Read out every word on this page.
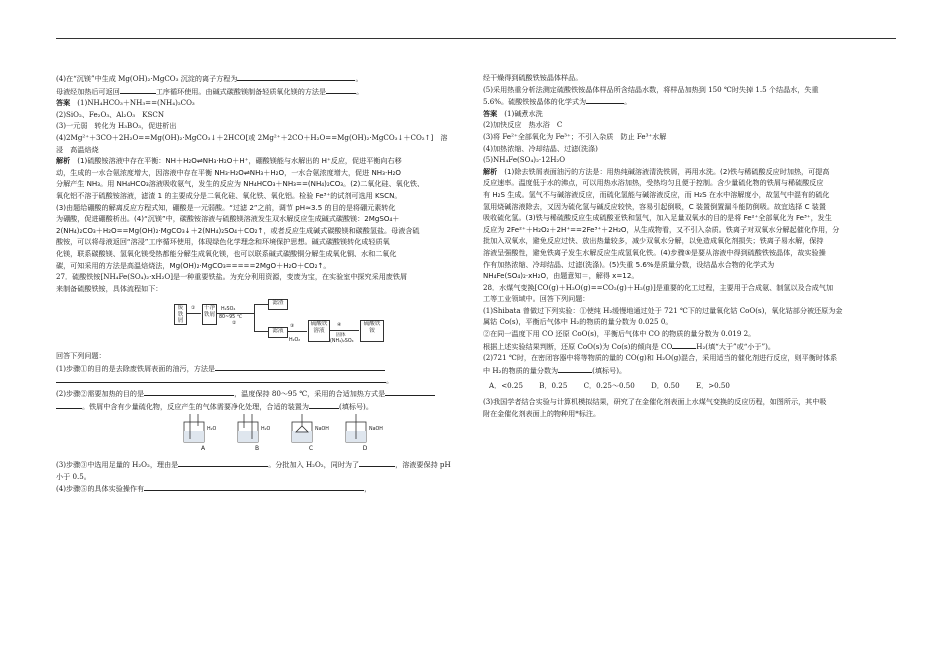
(4)在“沉镁”中生成 Mg(OH)₂·MgCO₃ 沉淀的离子方程为	。

母液经加热后可返回	工序循环使用。由碱式碳酸镁制备轻质氧化镁的方法是	。

答案　 (1)NH₄HCO₃＋NH₃==(NH₄)₂CO₃

(2)SiO₂、Fe₂O₃、Al₂O₃　KSCN

(3)一元弱　转化为 H₃BO₃，促进析出

(4)2Mg²⁺＋3CO＋2H₂O==Mg(OH)₂·MgCO₃↓＋2HCO[或 2Mg²⁺＋2CO＋H₂O==Mg(OH)₂·MgCO₃↓＋CO₂↑]　溶

浸　高温焙烧

解析　 (1)硫酸铵溶液中存在平衡：NH＋H₂O⇌NH₃·H₂O＋H⁺，硼酸镁能与水解出的 H⁺反应，促进平衡向右移

动，生成的一水合氨浓度增大，因溶液中存在平衡 NH₃·H₂O⇌NH₃＋H₂O，一水合氨浓度增大，促进 NH₃·H₂O

分解产生 NH₃。用 NH₄HCO₃溶液吸收氨气，发生的反应为 NH₄HCO₃＋NH₃==(NH₄)₂CO₃。(2)二氧化硅、氧化铁、

氧化铝不溶于硫酸铵溶液，滤渣 1 的主要成分是二氧化硅、氧化铁、氧化铝。检验 Fe³⁺的试剂可选用 KSCN。

(3)由题给硼酸的解离反应方程式知，硼酸是一元弱酸。“过滤 2”之前，调节 pH≈3.5 的目的是将硼元素转化

为硼酸，促进硼酸析出。(4)“沉镁”中，碳酸铵溶液与硫酸镁溶液发生双水解反应生成碱式碳酸镁：2MgSO₄＋

2(NH₄)₂CO₃＋H₂O==Mg(OH)₂·MgCO₃↓＋2(NH₄)₂SO₄＋CO₂↑，或者反应生成碱式碳酸镁和碳酸氢盐。母液含硫

酸铵，可以将母液返回“溶浸”工序循环使用，体现绿色化学理念和环境保护思想。碱式碳酸镁转化成轻质氧

化镁，联系碳酸镁、氢氧化镁受热都能分解生成氧化镁，也可以联系碱式碳酸铜分解生成氧化铜、水和二氧化

碳，可知采用的方法是高温焙烧法，Mg(OH)₂·MgCO₃=====2MgO＋H₂O＋CO₂↑。

27．硫酸铁铵[NH₄Fe(SO₄)₂·xH₂O]是一种重要铁盐。为充分利用资源，变废为宝，在实验室中探究采用废铁屑

来制备硫酸铁铵，具体流程如下：

废铁屑
①	干净铁屑
H₂SO₄
80~95 ℃
②
滤渣
滤液
③
H₂O₂
硫酸铁溶液
④
固体
(NH₄)₂SO₄
硫酸铁铵

回答下列问题：

(1)步骤①的目的是去除废铁屑表面的油污，方法是

。

(2)步骤②需要加热的目的是	，温度保持 80～95 ℃，采用的合适加热方式是

。铁屑中含有少量硫化物，反应产生的气体需要净化处理，合适的装置为	(填标号)。

H₂O
A
H₂O
B
NaOH
C
NaOH
D

(3)步骤③中选用足量的 H₂O₂，理由是	。分批加入 H₂O₂，同时为了	，溶液要保持 pH

小于 0.5。

(4)步骤⑤的具体实验操作有	，

经干燥得到硫酸铁铵晶体样品。

(5)采用热重分析法测定硫酸铁铵晶体样品所含结晶水数，将样品加热到 150 ℃时失掉 1.5 个结晶水，失重

5.6%。硫酸铁铵晶体的化学式为	。

答案　 (1)碱煮水洗

(2)加快反应　热水浴　C

(3)将 Fe²⁺全部氧化为 Fe³⁺；不引入杂质　防止 Fe³⁺水解

(4)加热浓缩、冷却结晶、过滤(洗涤)

(5)NH₄Fe(SO₄)₂·12H₂O

解析　 (1)除去铁屑表面油污的方法是：用热纯碱溶液清洗铁屑，再用水洗。(2)铁与稀硫酸反应时加热，可提高

反应速率。温度低于水的沸点，可以用热水浴加热，受热均匀且便于控制。含少量硫化物的铁屑与稀硫酸反应

有 H₂S 生成。氢气不与碱溶液反应，而硫化氢能与碱溶液反应，而 H₂S 在水中溶解度小，故氢气中混有的硫化

氢用烧碱溶液除去，又因为硫化氢与碱反应较快，容易引起倒吸，C 装置倒置漏斗能防倒吸。故宜选择 C 装置

吸收硫化氢。(3)铁与稀硫酸反应生成硫酸亚铁和氢气，加入足量双氧水的目的是将 Fe²⁺全部氧化为 Fe³⁺，发生

反应为 2Fe²⁺＋H₂O₂＋2H⁺==2Fe³⁺＋2H₂O，从生成物看，又不引入杂质。铁离子对双氧水分解起催化作用，分

批加入双氧水，避免反应过快、放出热量较多，减少双氧水分解，以免造成氧化剂损失；铁离子易水解，保持

溶液呈强酸性，避免铁离子发生水解反应生成氢氧化铁。(4)步骤⑤是要从溶液中得到硫酸铁铵晶体，故实验操

作有加热浓缩、冷却结晶、过滤(洗涤)。(5)失重 5.6%是质量分数，设结晶水合物的化学式为

NH₄Fe(SO₄)₂·xH₂O，由题意知＝，解得 x=12。

28．水煤气变换[CO(g)＋H₂O(g)==CO₂(g)＋H₂(g)]是重要的化工过程，主要用于合成氨、制氢以及合成气加

工等工业领域中。回答下列问题：

(1)Shibata 曾做过下列实验：①使纯 H₂缓慢地通过处于 721 ℃下的过量氧化钴 CoO(s)，氧化钴部分被还原为金

属钴 Co(s)，平衡后气体中 H₂的物质的量分数为 0.025 0。

②在同一温度下用 CO 还原 CoO(s)，平衡后气体中 CO 的物质的量分数为 0.019 2。

根据上述实验结果判断，还原 CoO(s)为 Co(s)的倾向是 CO	H₂(填“大于”或“小于”)。

(2)721 ℃时，在密闭容器中将等物质的量的 CO(g)和 H₂O(g)混合，采用适当的催化剂进行反应，则平衡时体系

中 H₂的物质的量分数为	(填标号)。

A．<0.25 B．0.25 C．0.25～0.50 D．0.50 E．>0.50

(3)我国学者结合实验与计算机模拟结果，研究了在金催化剂表面上水煤气变换的反应历程，如图所示，其中吸

附在金催化剂表面上的物种用*标注。
